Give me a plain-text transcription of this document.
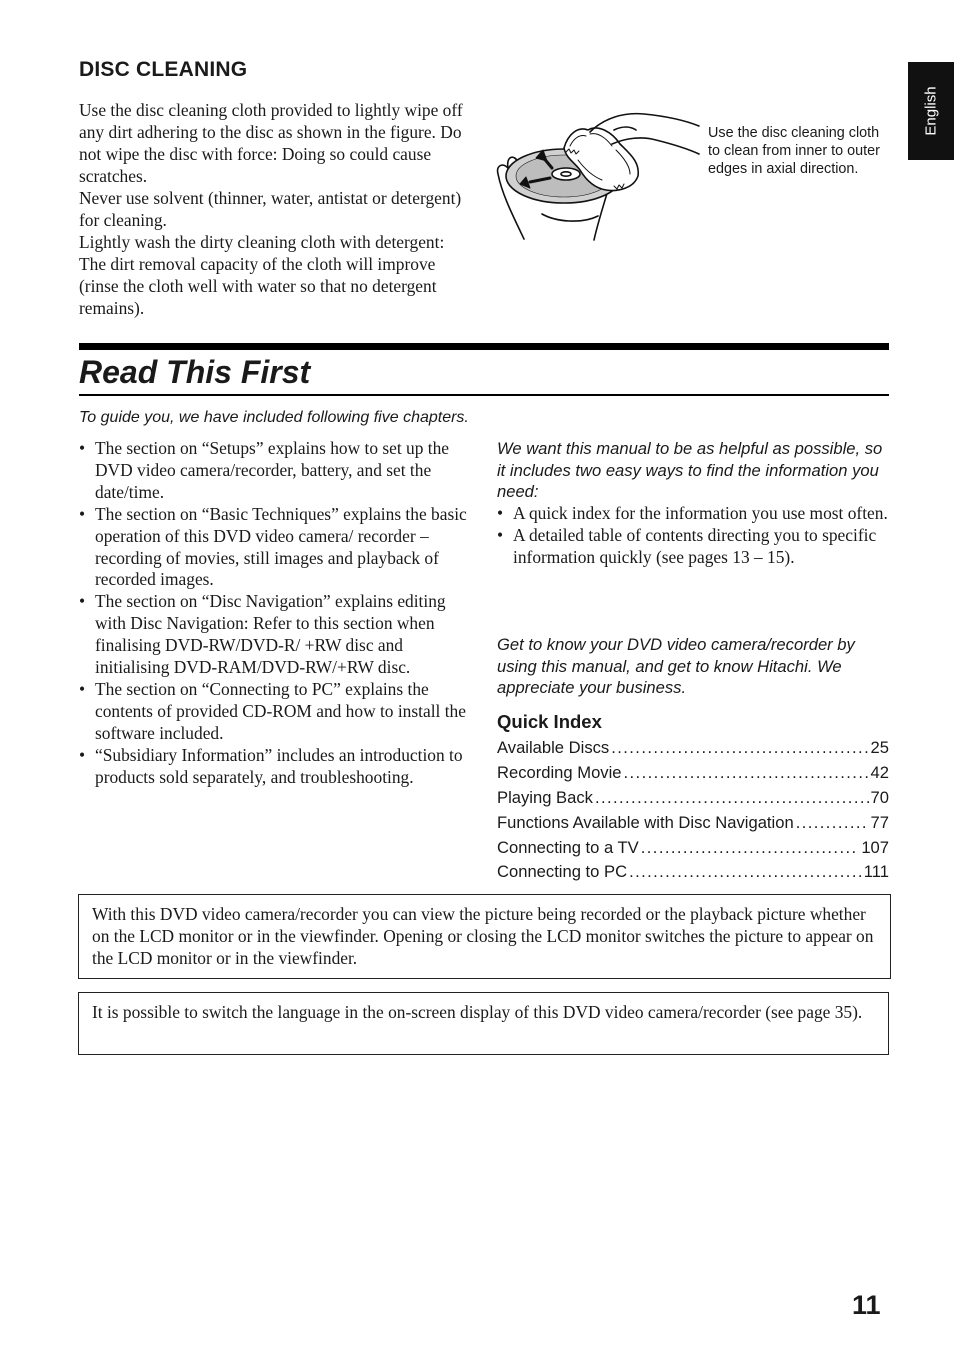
English
DISC CLEANING

Use the disc cleaning cloth provided to lightly wipe off any dirt adhering to the disc as shown in the figure. Do not wipe the disc with force: Doing so could cause scratches.

Never use solvent (thinner, water, antistat or detergent) for cleaning.

Lightly wash the dirty cleaning cloth with detergent: The dirt removal capacity of the cloth will improve (rinse the cloth well with water so that no detergent remains).

Use the disc cleaning cloth to clean from inner to outer edges in axial direction.
Read This First
To guide you, we have included following five chapters.
• The section on “Setups” explains how to set up the DVD video camera/recorder, battery, and set the date/time.
• The section on “Basic Techniques” explains the basic operation of this DVD video camera/ recorder – recording of movies, still images and playback of recorded images.
• The section on “Disc Navigation” explains editing with Disc Navigation: Refer to this section when finalising DVD-RW/DVD-R/ +RW disc and initialising DVD-RAM/DVD-RW/+RW disc.
• The section on “Connecting to PC” explains the contents of provided CD-ROM and how to install the software included.
• “Subsidiary Information” includes an introduction to products sold separately, and troubleshooting.
We want this manual to be as helpful as possible, so it includes two easy ways to find the information you need:
• A quick index for the information you use most often.
• A detailed table of contents directing you to specific information quickly (see pages 13 – 15).
Get to know your DVD video camera/recorder by using this manual, and get to know Hitachi. We appreciate your business.
Quick Index
Available Discs . . .	25
Recording Movie . . .	42
Playing Back . . .	70
Functions Available with Disc Navigation . . .	77
Connecting to a TV . . .	107
Connecting to PC . . .	111
With this DVD video camera/recorder you can view the picture being recorded or the playback picture whether on the LCD monitor or in the viewfinder. Opening or closing the LCD monitor switches the picture to appear on the LCD monitor or in the viewfinder.
It is possible to switch the language in the on-screen display of this DVD video camera/recorder (see page 35).
11
